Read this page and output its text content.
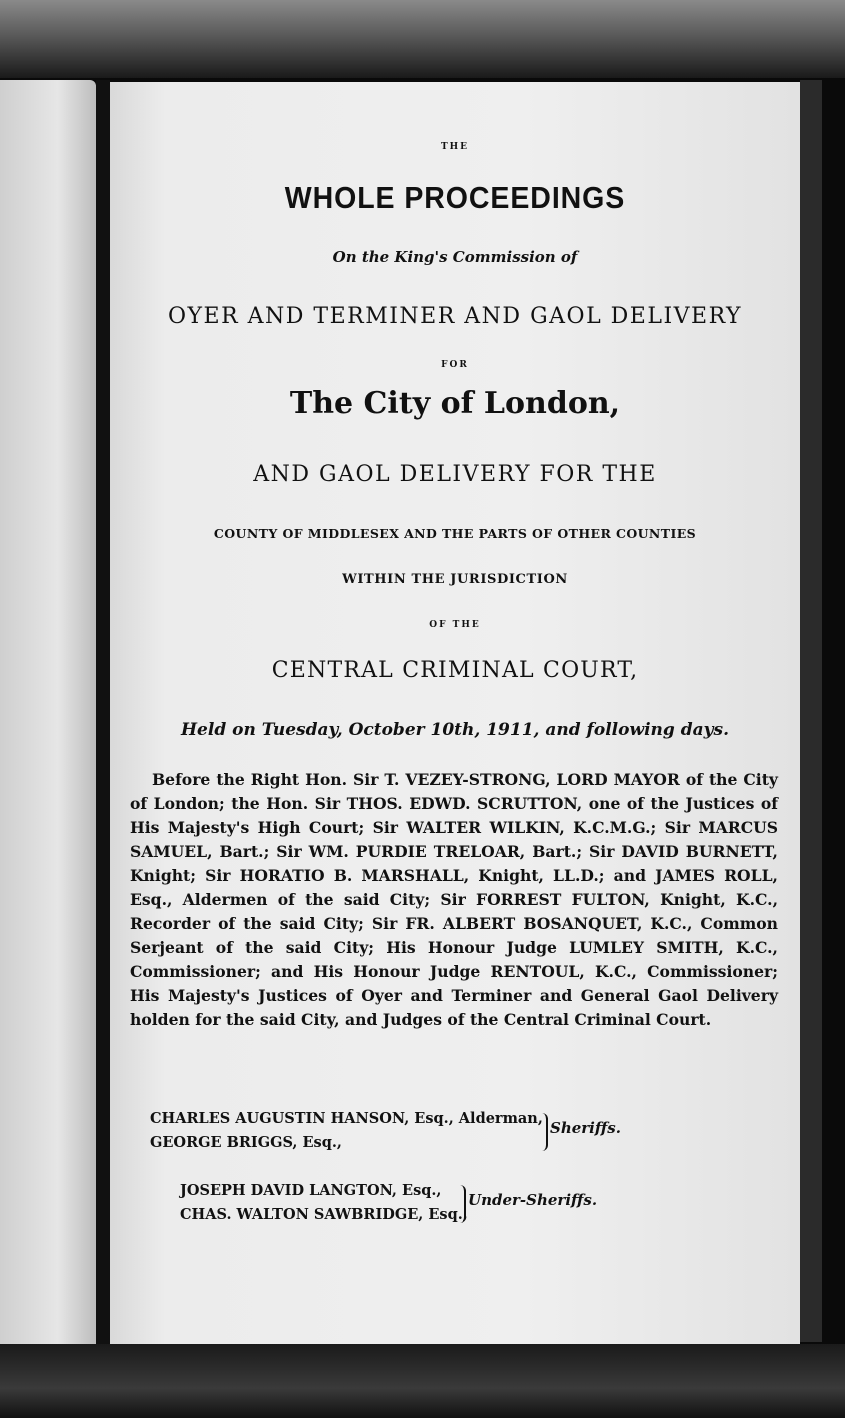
THE
WHOLE PROCEEDINGS
On the King's Commission of
OYER AND TERMINER AND GAOL DELIVERY
FOR
The City of London,
AND GAOL DELIVERY FOR THE
COUNTY OF MIDDLESEX AND THE PARTS OF OTHER COUNTIES
WITHIN THE JURISDICTION
OF THE
CENTRAL CRIMINAL COURT,
Held on Tuesday, October 10th, 1911, and following days.
Before the Right Hon. Sir T. VEZEY-STRONG, LORD MAYOR of the City of London; the Hon. Sir THOS. EDWD. SCRUTTON, one of the Justices of His Majesty's High Court; Sir WALTER WILKIN, K.C.M.G.; Sir MARCUS SAMUEL, Bart.; Sir WM. PURDIE TRELOAR, Bart.; Sir DAVID BURNETT, Knight; Sir HORATIO B. MARSHALL, Knight, LL.D.; and JAMES ROLL, Esq., Aldermen of the said City; Sir FORREST FULTON, Knight, K.C., Recorder of the said City; Sir FR. ALBERT BOSANQUET, K.C., Common Serjeant of the said City; His Honour Judge LUMLEY SMITH, K.C., Commissioner; and His Honour Judge RENTOUL, K.C., Commissioner; His Majesty's Justices of Oyer and Terminer and General Gaol Delivery holden for the said City, and Judges of the Central Criminal Court.
CHARLES AUGUSTIN HANSON, Esq., Alderman,
GEORGE BRIGGS, Esq.,
Sheriffs.
JOSEPH DAVID LANGTON, Esq.,
CHAS. WALTON SAWBRIDGE, Esq.,
Under-Sheriffs.
